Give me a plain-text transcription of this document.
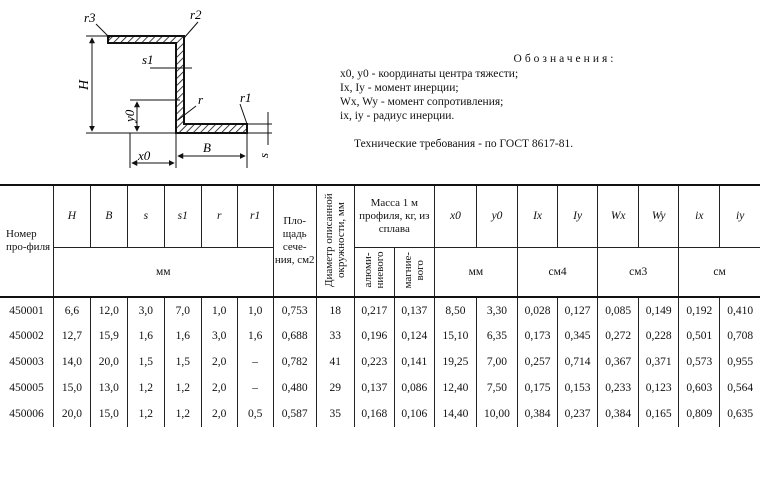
r3	r2
s1
H
y0
r	r1
x0
B
s
Обозначения:
x0, y0 - координаты центра тяжести;
Ix, Iy - момент инерции;
Wx, Wy - момент сопротивления;
ix, iy - радиус инерции.
Технические требования - по ГОСТ 8617-81.
Номер про-филя	H	B	s	s1	r	r1	Пло-щадь сече-ния, см2	Диаметр описанной окружности, мм	Масса 1 м профиля, кг, из сплава		x0	y0	Ix	Iy	Wx	Wy	ix	iy
	мм								алюми-ниевого	магние-вого	мм		см4		см3		см	
450001	6,6	12,0	3,0	7,0	1,0	1,0	0,753	18	0,217	0,137	8,50	3,30	0,028	0,127	0,085	0,149	0,192	0,410
450002	12,7	15,9	1,6	1,6	3,0	1,6	0,688	33	0,196	0,124	15,10	6,35	0,173	0,345	0,272	0,228	0,501	0,708
450003	14,0	20,0	1,5	1,5	2,0	–	0,782	41	0,223	0,141	19,25	7,00	0,257	0,714	0,367	0,371	0,573	0,955
450005	15,0	13,0	1,2	1,2	2,0	–	0,480	29	0,137	0,086	12,40	7,50	0,175	0,153	0,233	0,123	0,603	0,564
450006	20,0	15,0	1,2	1,2	2,0	0,5	0,587	35	0,168	0,106	14,40	10,00	0,384	0,237	0,384	0,165	0,809	0,635
